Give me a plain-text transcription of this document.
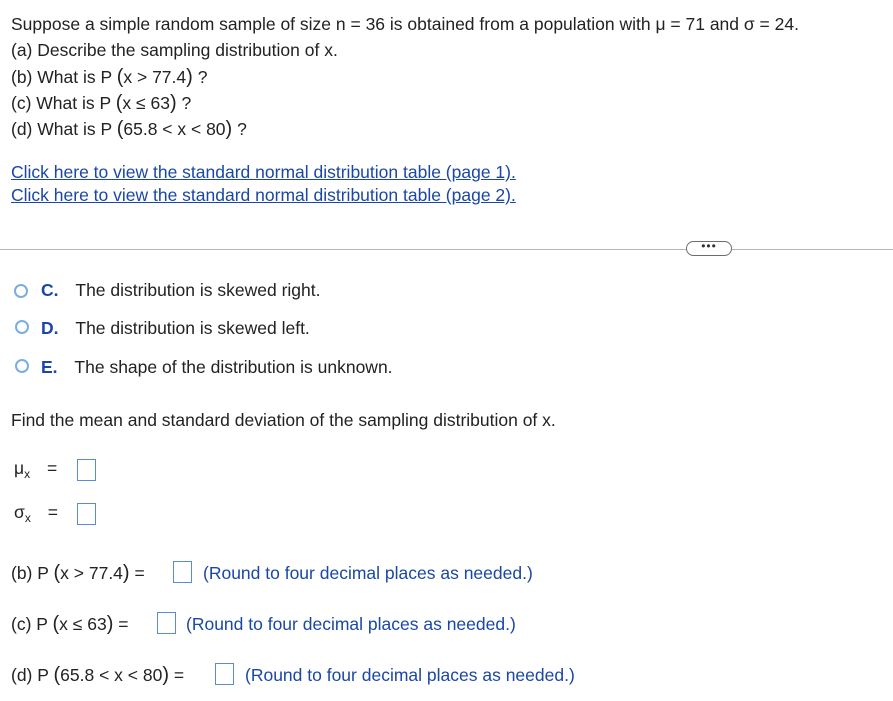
Suppose a simple random sample of size n = 36 is obtained from a population with μ = 71 and σ = 24.
(a) Describe the sampling distribution of x.
(b) What is P (x > 77.4) ?
(c) What is P (x ≤ 63) ?
(d) What is P (65.8 < x < 80) ?
Click here to view the standard normal distribution table (page 1).
Click here to view the standard normal distribution table (page 2).
•••
C. The distribution is skewed right.
D. The distribution is skewed left.
E. The shape of the distribution is unknown.
Find the mean and standard deviation of the sampling distribution of x.
$\mu_x$ =
$\sigma_x$ =
(b) P (x > 77.4) =	(Round to four decimal places as needed.)
(c) P (x ≤ 63) =	(Round to four decimal places as needed.)
(d) P (65.8 < x < 80) =	(Round to four decimal places as needed.)
